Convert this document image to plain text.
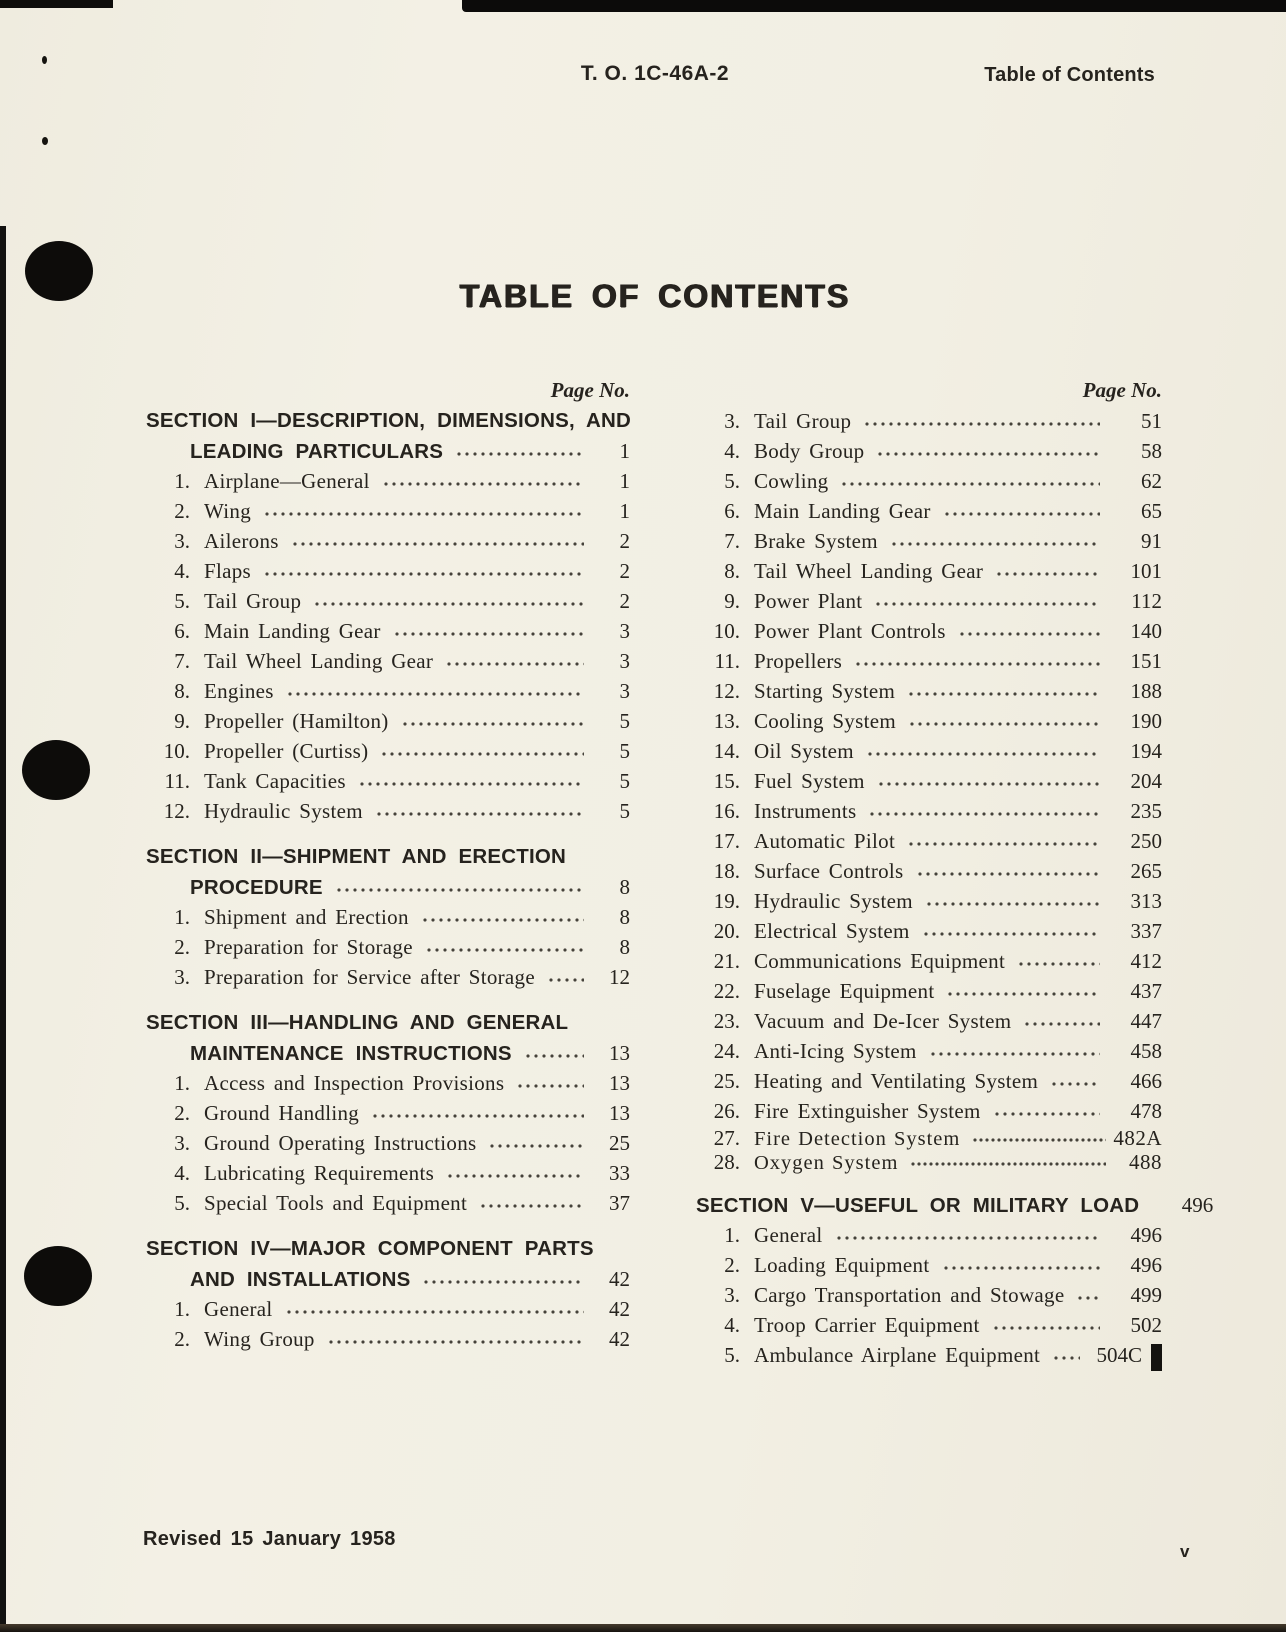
T. O. 1C-46A-2	Table of Contents
TABLE OF CONTENTS
Page No.
SECTION I—DESCRIPTION, DIMENSIONS, AND
LEADING PARTICULARS	1
1. Airplane—General	1
2. Wing	1
3. Ailerons	2
4. Flaps	2
5. Tail Group	2
6. Main Landing Gear	3
7. Tail Wheel Landing Gear	3
8. Engines	3
9. Propeller (Hamilton)	5
10. Propeller (Curtiss)	5
11. Tank Capacities	5
12. Hydraulic System	5
SECTION II—SHIPMENT AND ERECTION
PROCEDURE	8
1. Shipment and Erection	8
2. Preparation for Storage	8
3. Preparation for Service after Storage	12
SECTION III—HANDLING AND GENERAL
MAINTENANCE INSTRUCTIONS	13
1. Access and Inspection Provisions	13
2. Ground Handling	13
3. Ground Operating Instructions	25
4. Lubricating Requirements	33
5. Special Tools and Equipment	37
SECTION IV—MAJOR COMPONENT PARTS
AND INSTALLATIONS	42
1. General	42
2. Wing Group	42
Page No.
3. Tail Group	51
4. Body Group	58
5. Cowling	62
6. Main Landing Gear	65
7. Brake System	91
8. Tail Wheel Landing Gear	101
9. Power Plant	112
10. Power Plant Controls	140
11. Propellers	151
12. Starting System	188
13. Cooling System	190
14. Oil System	194
15. Fuel System	204
16. Instruments	235
17. Automatic Pilot	250
18. Surface Controls	265
19. Hydraulic System	313
20. Electrical System	337
21. Communications Equipment	412
22. Fuselage Equipment	437
23. Vacuum and De-Icer System	447
24. Anti-Icing System	458
25. Heating and Ventilating System	466
26. Fire Extinguisher System	478
27. Fire Detection System	482A
28. Oxygen System	488
SECTION V—USEFUL OR MILITARY LOAD	496
1. General	496
2. Loading Equipment	496
3. Cargo Transportation and Stowage	499
4. Troop Carrier Equipment	502
5. Ambulance Airplane Equipment	504C
Revised 15 January 1958
v
